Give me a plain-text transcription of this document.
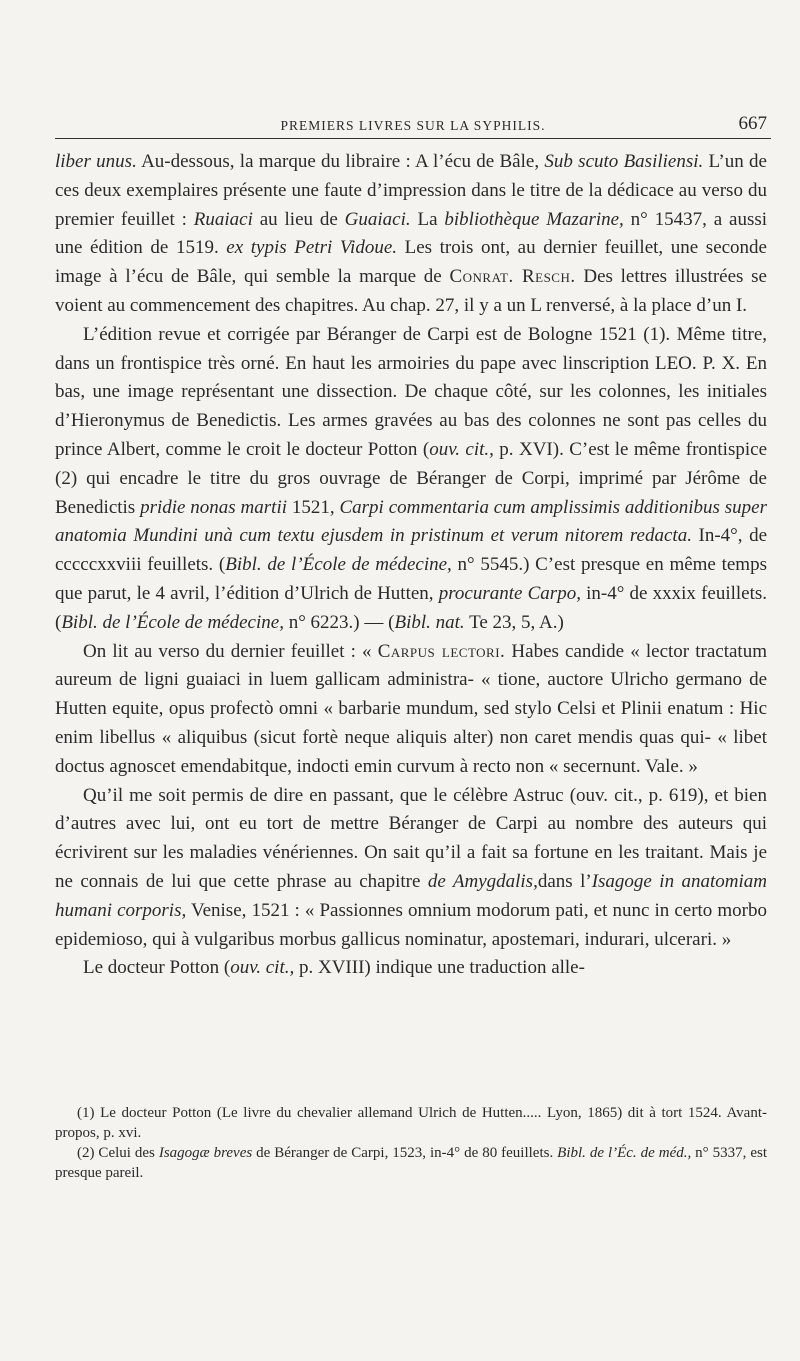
PREMIERS LIVRES SUR LA SYPHILIS.	667

liber unus. Au-dessous, la marque du libraire : A l’écu de Bâle, Sub scuto Basiliensi. L’un de ces deux exemplaires présente une faute d’impression dans le titre de la dédicace au verso du premier feuillet : Ruaiaci au lieu de Guaiaci. La bibliothèque Mazarine, n° 15437, a aussi une édition de 1519. ex typis Petri Vidoue. Les trois ont, au dernier feuillet, une seconde image à l’écu de Bâle, qui semble la marque de Conrat. Resch. Des lettres illustrées se voient au commencement des chapitres. Au chap. 27, il y a un L renversé, à la place d’un I.

L’édition revue et corrigée par Béranger de Carpi est de Bologne 1521 (1). Même titre, dans un frontispice très orné. En haut les armoiries du pape avec linscription LEO. P. X. En bas, une image représentant une dissection. De chaque côté, sur les colonnes, les initiales d’Hieronymus de Benedictis. Les armes gravées au bas des colonnes ne sont pas celles du prince Albert, comme le croit le docteur Potton (ouv. cit., p. XVI). C’est le même frontispice (2) qui encadre le titre du gros ouvrage de Béranger de Corpi, imprimé par Jérôme de Benedictis pridie nonas martii 1521, Carpi commentaria cum amplissimis additionibus super anatomia Mundini unà cum textu ejusdem in pristinum et verum nitorem redacta. In-4°, de cccccxxviii feuillets. (Bibl. de l’École de médecine, n° 5545.) C’est presque en même temps que parut, le 4 avril, l’édition d’Ulrich de Hutten, procurante Carpo, in-4° de xxxix feuillets. (Bibl. de l’École de médecine, n° 6223.) — (Bibl. nat. Te 23, 5, A.)

On lit au verso du dernier feuillet : « Carpus lectori. Habes candide « lector tractatum aureum de ligni guaiaci in luem gallicam administra- « tione, auctore Ulricho germano de Hutten equite, opus profectò omni « barbarie mundum, sed stylo Celsi et Plinii enatum : Hic enim libellus « aliquibus (sicut fortè neque aliquis alter) non caret mendis quas qui- « libet doctus agnoscet emendabitque, indocti emin curvum à recto non « secernunt. Vale. »

Qu’il me soit permis de dire en passant, que le célèbre Astruc (ouv. cit., p. 619), et bien d’autres avec lui, ont eu tort de mettre Béranger de Carpi au nombre des auteurs qui écrivirent sur les maladies vénériennes. On sait qu’il a fait sa fortune en les traitant. Mais je ne connais de lui que cette phrase au chapitre de Amygdalis,dans l’Isagoge in anatomiam humani corporis, Venise, 1521 : « Passionnes omnium modorum pati, et nunc in certo morbo epidemioso, qui à vulgaribus morbus gallicus nominatur, apostemari, indurari, ulcerari. »

Le docteur Potton (ouv. cit., p. XVIII) indique une traduction alle-

(1) Le docteur Potton (Le livre du chevalier allemand Ulrich de Hutten..... Lyon, 1865) dit à tort 1524. Avant-propos, p. xvi.

(2) Celui des Isagogæ breves de Béranger de Carpi, 1523, in-4° de 80 feuillets. Bibl. de l’Éc. de méd., n° 5337, est presque pareil.
